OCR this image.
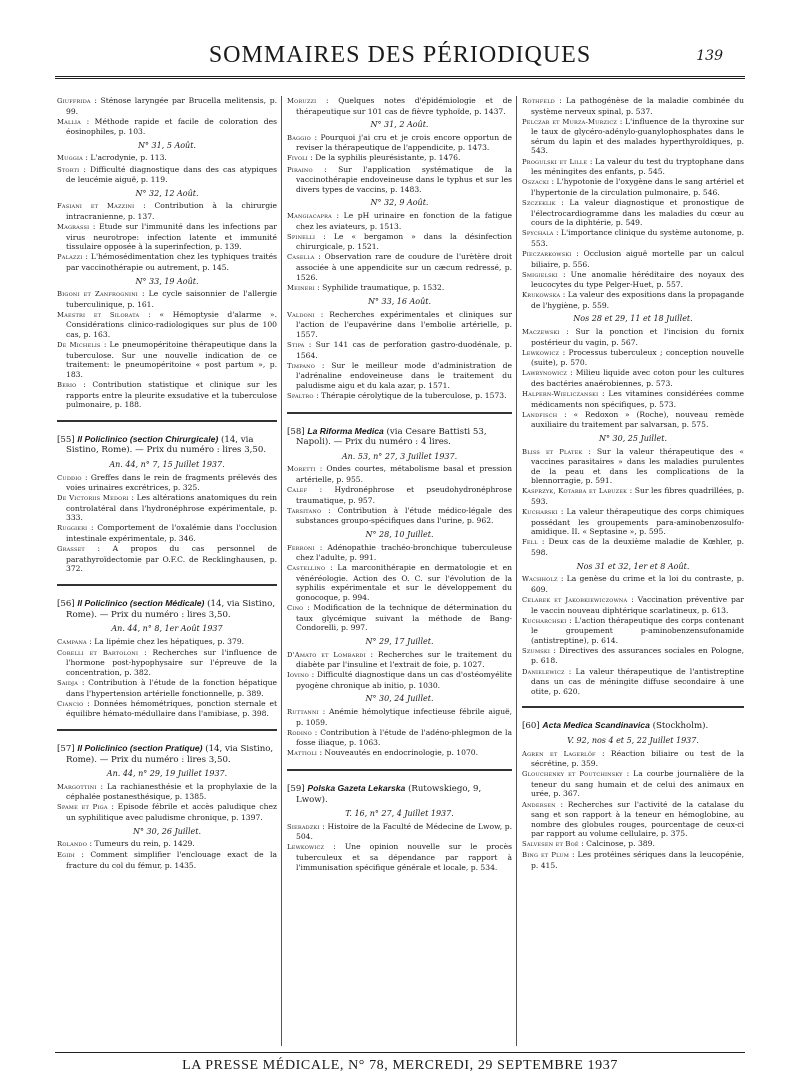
SOMMAIRES DES PÉRIODIQUES	139

Giuffrida : Sténose laryngée par Brucella melitensis, p. 99.

Mallia : Méthode rapide et facile de coloration des éosinophiles, p. 103.

N° 31, 5 Août.

Muggia : L'acrodynie, p. 113.

Storti : Difficulté diagnostique dans des cas atypiques de leucémie aiguë, p. 119.

N° 32, 12 Août.

Fasiani et Mazzini : Contribution à la chirurgie intracranienne, p. 137.

Magrassi : Etude sur l'immunité dans les infections par virus neurotrope: infection latente et immunité tissulaire opposée à la superinfection, p. 139.

Palazzi : L'hémosédimentation chez les typhiques traités par vaccinothérapie ou autrement, p. 145.

N° 33, 19 Août.

Bigoni et Zanfrognini : Le cycle saisonnier de l'allergie tuberculinique, p. 161.

Maestri et Silorata : « Hémoptysie d'alarme ». Considérations clinico-radiologiques sur plus de 100 cas, p. 163.

De Michelis : Le pneumopéritoine thérapeutique dans la tuberculose. Sur une nouvelle indication de ce traitement: le pneumopéritoine « post partum », p. 183.

Berio : Contribution statistique et clinique sur les rapports entre la pleurite exsudative et la tuberculose pulmonaire, p. 188.

[55] Il Policlinico (section Chirurgicale) (14, via Sistino, Rome). — Prix du numéro : lires 3,50.
An. 44, n° 7, 15 Juillet 1937.

Cuddio : Greffes dans le rein de fragments prélevés des voies urinaires excrétrices, p. 325.

De Victoriis Medori : Les altérations anatomiques du rein controlatéral dans l'hydronéphrose expérimentale, p. 333.

Ruggieri : Comportement de l'oxalémie dans l'occlusion intestinale expérimentale, p. 346.

Grasset : A propos du cas personnel de parathyroïdectomie par O.F.C. de Recklinghausen, p. 372.

[56] Il Policlinico (section Médicale) (14, via Sistino, Rome). — Prix du numéro : lires 3,50.
An. 44, n° 8, 1er Août 1937

Campana : La lipémie chez les hépatiques, p. 379.

Corelli et Bartoloni : Recherches sur l'influence de l'hormone post-hypophysaire sur l'épreuve de la concentration, p. 382.

Saidja : Contribution à l'étude de la fonction hépatique dans l'hypertension artérielle fonctionnelle, p. 389.

Ciancio : Données hémométriques, ponction sternale et équilibre hémato-médullaire dans l'amibiase, p. 398.

[57] Il Policlinico (section Pratique) (14, via Sistino, Rome). — Prix du numéro : lires 3,50.
An. 44, n° 29, 19 Juillet 1937.

Margottini : La rachianesthésie et la prophylaxie de la céphalée postanesthésique, p. 1385.

Spame et Piga : Episode fébrile et accès paludique chez un syphilitique avec paludisme chronique, p. 1397.

N° 30, 26 Juillet.

Rolando : Tumeurs du rein, p. 1429.

Egidi : Comment simplifier l'enclouage exact de la fracture du col du fémur, p. 1435.

Moruzzi : Quelques notes d'épidémiologie et de thérapeutique sur 101 cas de fièvre typhoïde, p. 1437.

N° 31, 2 Août.

Baggio : Pourquoi j'ai cru et je crois encore opportun de reviser la thérapeutique de l'appendicite, p. 1473.

Fivoli : De la syphilis pleurésistante, p. 1476.

Piraino : Sur l'application systématique de la vaccinothérapie endoveineuse dans le typhus et sur les divers types de vaccins, p. 1483.

N° 32, 9 Août.

Mangiacapra : Le pH urinaire en fonction de la fatigue chez les aviateurs, p. 1513.

Spinelli : Le « bergamon » dans la désinfection chirurgicale, p. 1521.

Casella : Observation rare de coudure de l'urètère droit associée à une appendicite sur un cæcum redressé, p. 1526.

Meineri : Syphilide traumatique, p. 1532.

N° 33, 16 Août.

Valdoni : Recherches expérimentales et cliniques sur l'action de l'eupavérine dans l'embolie artérielle, p. 1557.

Stipa : Sur 141 cas de perforation gastro-duodénale, p. 1564.

Timpano : Sur le meilleur mode d'administration de l'adrénaline endoveineuse dans le traitement du paludisme aigu et du kala azar, p. 1571.

Spaltro : Thérapie cérolytique de la tuberculose, p. 1573.

[58] La Riforma Medica (via Cesare Battisti 53, Napoli). — Prix du numéro : 4 lires.
An. 53, n° 27, 3 Juillet 1937.

Moretti : Ondes courtes, métabolisme basal et pression artérielle, p. 955.

Calef : Hydronéphrose et pseudohydronéphrose traumatique, p. 957.

Tarsitano : Contribution à l'étude médico-légale des substances groupo-spécifiques dans l'urine, p. 962.

N° 28, 10 Juillet.

Ferroni : Adénopathie trachéo-bronchique tuberculeuse chez l'adulte, p. 991.

Castellino : La marconithérapie en dermatologie et en vénéréologie. Action des O. C. sur l'évolution de la syphilis expérimentale et sur le développement du gonocoque, p. 994.

Cino : Modification de la technique de détermination du taux glycémique suivant la méthode de Bang-Condorelli, p. 997.

N° 29, 17 Juillet.

D'Amato et Lombardi : Recherches sur le traitement du diabète par l'insuline et l'extrait de foie, p. 1027.

Iovino : Difficulté diagnostique dans un cas d'ostéomyélite pyogène chronique ab initio, p. 1030.

N° 30, 24 Juillet.

Ruttanni : Anémie hémolytique infectieuse fébrile aiguë, p. 1059.

Rodino : Contribution à l'étude de l'adéno-phlegmon de la fosse iliaque, p. 1063.

Mattioli : Nouveautés en endocrinologie, p. 1070.

[59] Polska Gazeta Lekarska (Rutowskiego, 9, Lwow).
T. 16, n° 27, 4 Juillet 1937.

Sieradzki : Histoire de la Faculté de Médecine de Lwow, p. 504.

Lewkowicz : Une opinion nouvelle sur le procès tuberculeux et sa dépendance par rapport à l'immunisation spécifique générale et locale, p. 534.

Rothfeld : La pathogénèse de la maladie combinée du système nerveux spinal, p. 537.

Pelczar et Murza-Murzicz : L'influence de la thyroxine sur le taux de glycéro-adénylo-guanylophosphates dans le sérum du lapin et des malades hyperthyroïdiques, p. 543.

Progulski et Lille : La valeur du test du tryptophane dans les méningites des enfants, p. 545.

Oszacki : L'hypotonie de l'oxygène dans le sang artériel et l'hypertonie de la circulation pulmonaire, p. 546.

Szczeklik : La valeur diagnostique et pronostique de l'électrocardiogramme dans les maladies du cœur au cours de la diphtérie, p. 549.

Spychala : L'importance clinique du système autonome, p. 553.

Pieczarkowski : Occlusion aiguë mortelle par un calcul biliaire, p. 556.

Smigielski : Une anomalie héréditaire des noyaux des leucocytes du type Pelger-Huet, p. 557.

Krukowska : La valeur des expositions dans la propagande de l'hygiène, p. 559.

Nos 28 et 29, 11 et 18 Juillet.

Maczewski : Sur la ponction et l'incision du fornix postérieur du vagin, p. 567.

Lewkowicz : Processus tuberculeux ; conception nouvelle (suite), p. 570.

Lawrynowicz : Milieu liquide avec coton pour les cultures des bactéries anaérobiennes, p. 573.

Halpern-Wieliczanski : Les vitamines considérées comme médicaments non spécifiques, p. 573.

Landfisch : « Redoxon » (Roche), nouveau remède auxiliaire du traitement par salvarsan, p. 575.

N° 30, 25 Juillet.

Bliss et Platek : Sur la valeur thérapeutique des « vaccines parasitaires » dans les maladies purulentes de la peau et dans les complications de la blennorragie, p. 591.

Kasprzyk, Kotarba et Labuzek : Sur les fibres quadrillées, p. 593.

Kucharski : La valeur thérapeutique des corps chimiques possédant les groupements para-aminobenzosulfo-amidique. II. « Septasine », p. 595.

Fell : Deux cas de la deuxième maladie de Kœhler, p. 598.

Nos 31 et 32, 1er et 8 Août.

Wachholz : La genèse du crime et la loi du contraste, p. 609.

Celarek et Jakobkiewiczowna : Vaccination préventive par le vaccin nouveau diphtérique scarlatineux, p. 613.

Kucharchski : L'action thérapeutique des corps contenant le groupement p-aminobenzensufonamide (antistreptine), p. 614.

Szumski : Directives des assurances sociales en Pologne, p. 618.

Danielewicz : La valeur thérapeutique de l'antistreptine dans un cas de méningite diffuse secondaire à une otite, p. 620.

[60] Acta Medica Scandinavica (Stockholm).
V. 92, nos 4 et 5, 22 Juillet 1937.

Agren et Lagerlöf : Réaction biliaire ou test de la sécrétine, p. 359.

Glouchenky et Poutchinsky : La courbe journalière de la teneur du sang humain et de celui des animaux en urée, p. 367.

Andersen : Recherches sur l'activité de la catalase du sang et son rapport à la teneur en hémoglobine, au nombre des globules rouges, pourcentage de ceux-ci par rapport au volume cellulaire, p. 375.

Salvesen et Boë : Calcinose, p. 389.

Bing et Plum : Les protéines sériques dans la leucopénie, p. 415.

LA PRESSE MÉDICALE, N° 78, MERCREDI, 29 SEPTEMBRE 1937
